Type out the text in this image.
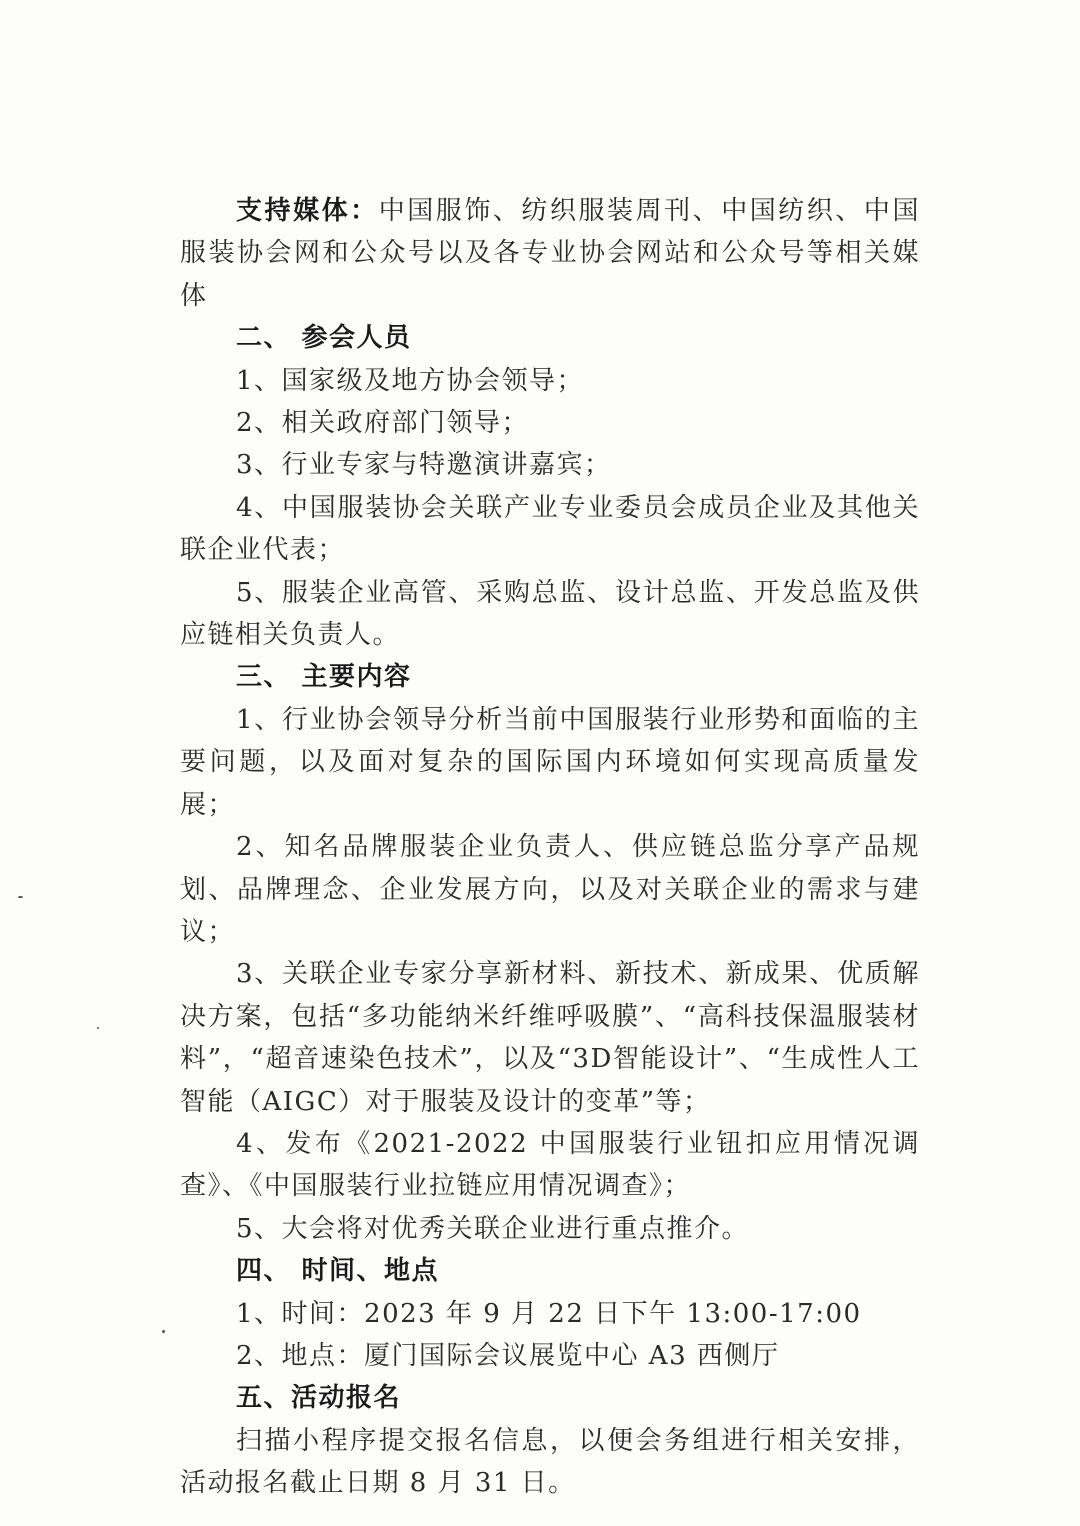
支持媒体：中国服饰、纺织服装周刊、中国纺织、中国服装协会网和公众号以及各专业协会网站和公众号等相关媒体

二、 参会人员

1、国家级及地方协会领导；

2、相关政府部门领导；

3、行业专家与特邀演讲嘉宾；

4、中国服装协会关联产业专业委员会成员企业及其他关联企业代表；

5、服装企业高管、采购总监、设计总监、开发总监及供应链相关负责人。

三、 主要内容

1、行业协会领导分析当前中国服装行业形势和面临的主要问题，以及面对复杂的国际国内环境如何实现高质量发展；

2、知名品牌服装企业负责人、供应链总监分享产品规划、品牌理念、企业发展方向，以及对关联企业的需求与建议；

3、关联企业专家分享新材料、新技术、新成果、优质解决方案，包括“多功能纳米纤维呼吸膜”、“高科技保温服装材料”，“超音速染色技术”，以及“3D智能设计”、“生成性人工智能（AIGC）对于服装及设计的变革”等；

4、发布《2021-2022 中国服装行业钮扣应用情况调查》、《中国服装行业拉链应用情况调查》；

5、大会将对优秀关联企业进行重点推介。

四、 时间、地点

1、时间：2023 年 9 月 22 日下午 13:00-17:00

2、地点：厦门国际会议展览中心 A3 西侧厅

五、活动报名

扫描小程序提交报名信息，以便会务组进行相关安排，活动报名截止日期 8 月 31 日。
